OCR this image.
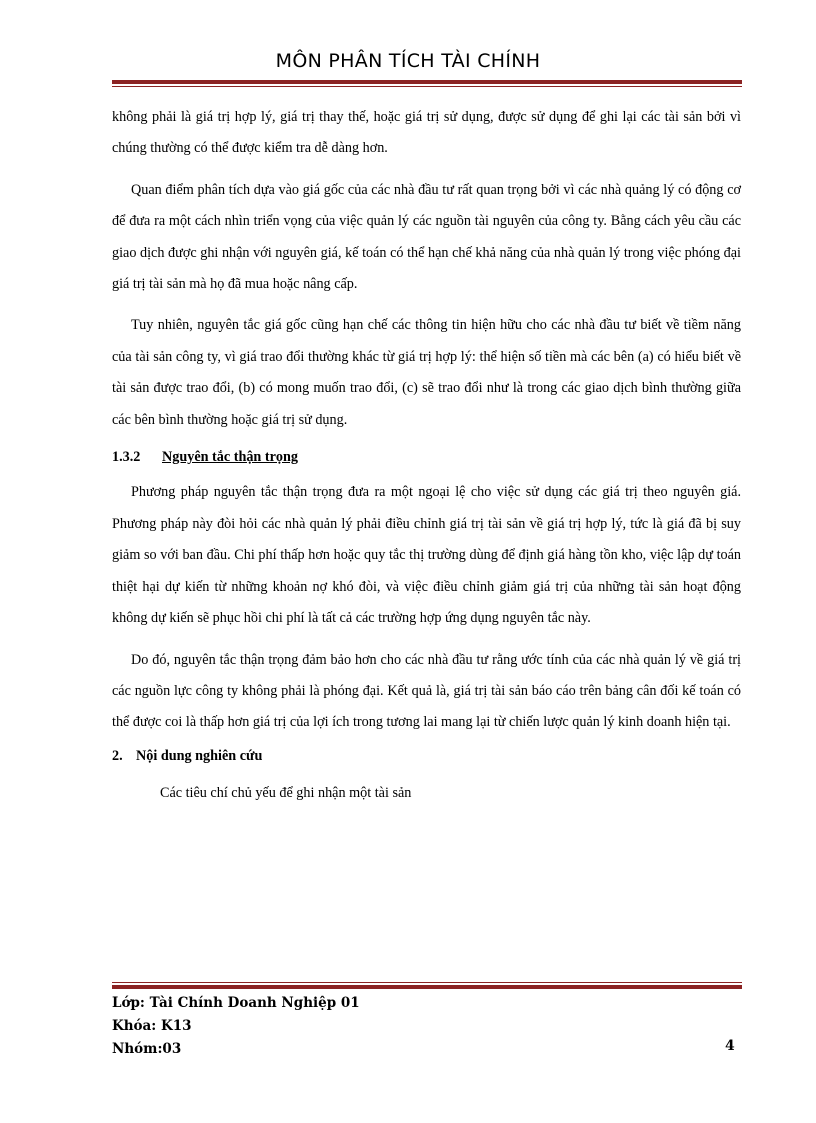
MÔN PHÂN TÍCH TÀI CHÍNH

không phải là giá trị hợp lý, giá trị thay thế, hoặc giá trị sử dụng, được sử dụng để ghi lại các tài sản bởi vì chúng thường có thể được kiểm tra dễ dàng hơn.

Quan điểm phân tích dựa vào giá gốc của các nhà đầu tư rất quan trọng bởi vì các nhà quảng lý có động cơ để đưa ra một cách nhìn triển vọng của việc quản lý các nguồn tài nguyên của công ty. Bằng cách yêu cầu các giao dịch được ghi nhận với nguyên giá, kế toán có thể hạn chế khả năng của nhà quản lý trong việc phóng đại giá trị tài sản mà họ đã mua hoặc nâng cấp.

Tuy nhiên, nguyên tắc giá gốc cũng hạn chế các thông tin hiện hữu cho các nhà đầu tư biết về tiềm năng của tài sản công ty, vì giá trao đổi thường khác từ giá trị hợp lý: thể hiện số tiền mà các bên (a) có hiểu biết về tài sản được trao đổi, (b) có mong muốn trao đổi, (c) sẽ trao đổi như là trong các giao dịch bình thường giữa các bên bình thường hoặc giá trị sử dụng.

1.3.2 Nguyên tắc thận trọng

Phương pháp nguyên tắc thận trọng đưa ra một ngoại lệ cho việc sử dụng các giá trị theo nguyên giá. Phương pháp này đòi hỏi các nhà quản lý phải điều chỉnh giá trị tài sản về giá trị hợp lý, tức là giá đã bị suy giảm so với ban đầu. Chi phí thấp hơn hoặc quy tắc thị trường dùng để định giá hàng tồn kho, việc lập dự toán thiệt hại dự kiến từ những khoản nợ khó đòi, và việc điều chỉnh giảm giá trị của những tài sản hoạt động không dự kiến sẽ phục hồi chi phí là tất cả các trường hợp ứng dụng nguyên tắc này.

Do đó, nguyên tắc thận trọng đảm bảo hơn cho các nhà đầu tư rằng ước tính của các nhà quản lý về giá trị các nguồn lực công ty không phải là phóng đại. Kết quả là, giá trị tài sản báo cáo trên bảng cân đối kế toán có thể được coi là thấp hơn giá trị của lợi ích trong tương lai mang lại từ chiến lược quản lý kinh doanh hiện tại.

2. Nội dung nghiên cứu

Các tiêu chí chủ yếu để ghi nhận một tài sản

Lớp: Tài Chính Doanh Nghiệp 01
Khóa: K13
Nhóm:03	4
